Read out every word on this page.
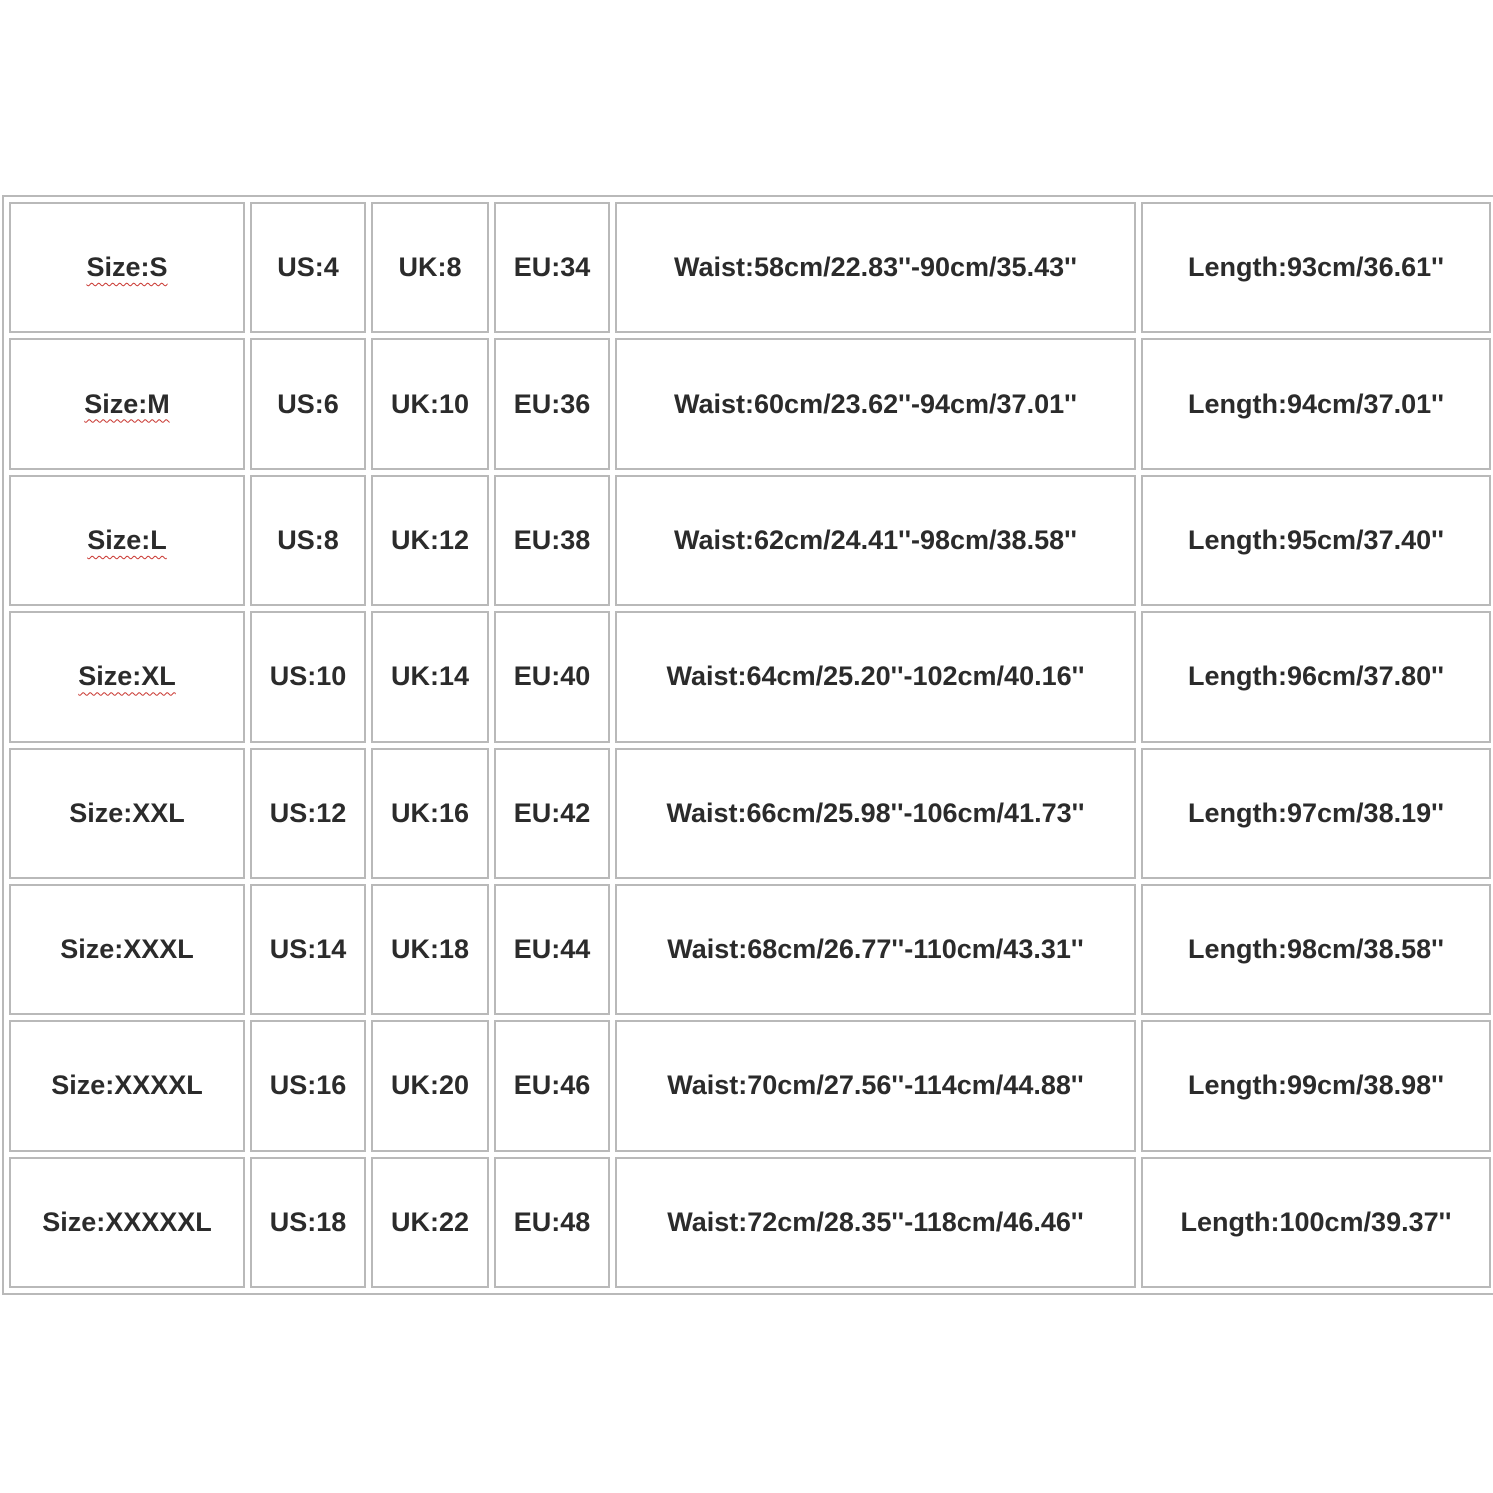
Size:S	US:4	UK:8	EU:34	Waist:58cm/22.83''-90cm/35.43''	Length:93cm/36.61''
Size:M	US:6	UK:10	EU:36	Waist:60cm/23.62''-94cm/37.01''	Length:94cm/37.01''
Size:L	US:8	UK:12	EU:38	Waist:62cm/24.41''-98cm/38.58''	Length:95cm/37.40''
Size:XL	US:10	UK:14	EU:40	Waist:64cm/25.20''-102cm/40.16''	Length:96cm/37.80''
Size:XXL	US:12	UK:16	EU:42	Waist:66cm/25.98''-106cm/41.73''	Length:97cm/38.19''
Size:XXXL	US:14	UK:18	EU:44	Waist:68cm/26.77''-110cm/43.31''	Length:98cm/38.58''
Size:XXXXL	US:16	UK:20	EU:46	Waist:70cm/27.56''-114cm/44.88''	Length:99cm/38.98''
Size:XXXXXL	US:18	UK:22	EU:48	Waist:72cm/28.35''-118cm/46.46''	Length:100cm/39.37''
